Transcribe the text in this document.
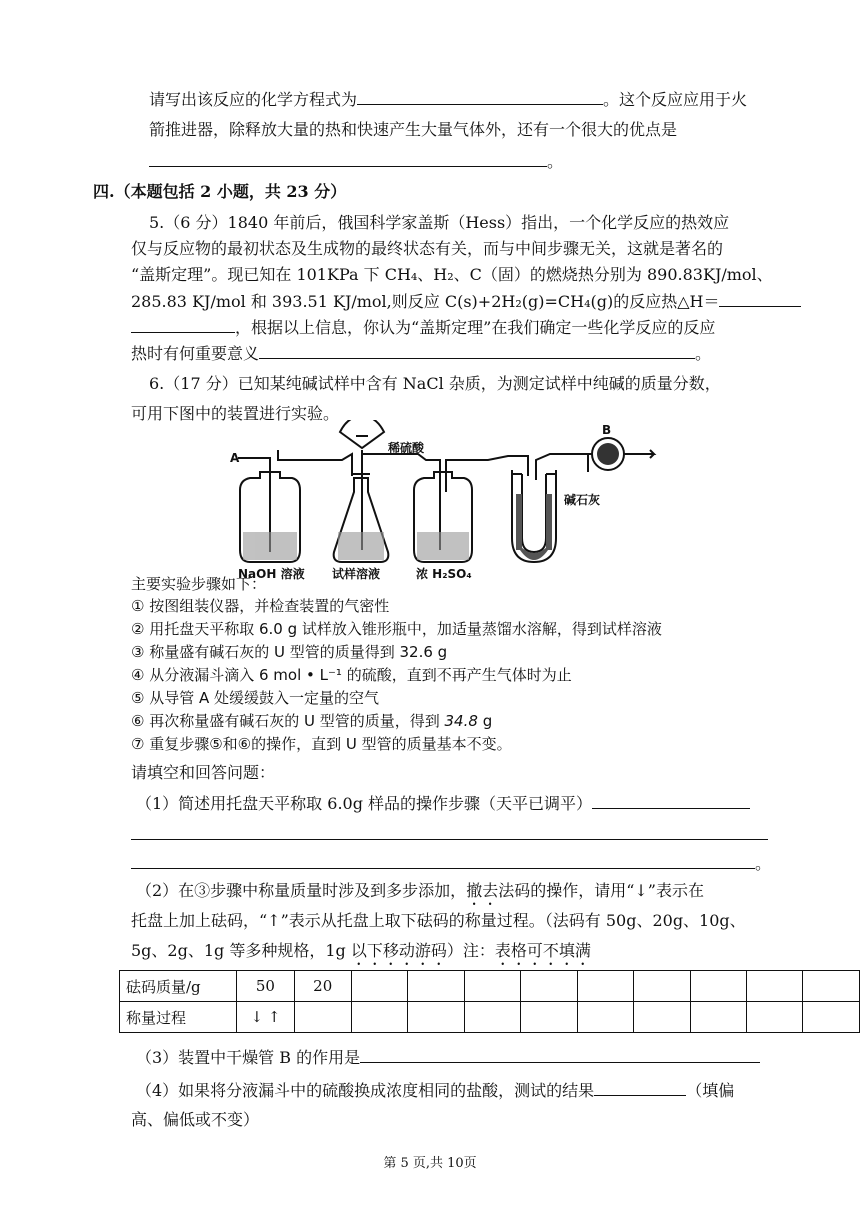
请写出该反应的化学方程式为	。这个反应应用于火
箭推进器，除释放大量的热和快速产生大量气体外，还有一个很大的优点是
。
四.（本题包括 2 小题，共 23 分）
5.（6 分）1840 年前后，俄国科学家盖斯（Hess）指出，一个化学反应的热效应
仅与反应物的最初状态及生成物的最终状态有关，而与中间步骤无关，这就是著名的
“盖斯定理”。现已知在 101KPa 下 CH₄、H₂、C（固）的燃烧热分别为 890.83KJ/mol、
285.83 KJ/mol 和 393.51 KJ/mol,则反应 C(s)+2H₂(g)=CH₄(g)的反应热△H＝
，根据以上信息，你认为“盖斯定理”在我们确定一些化学反应的反应
热时有何重要意义	。
6.（17 分）已知某纯碱试样中含有 NaCl 杂质，为测定试样中纯碱的质量分数，
可用下图中的装置进行实验。
稀硫酸
A
B
碱石灰
NaOH 溶液 试样溶液	浓 H₂SO₄
主要实验步骤如下：
① 按图组装仪器，并检查装置的气密性
② 用托盘天平称取 6.0 g 试样放入锥形瓶中，加适量蒸馏水溶解，得到试样溶液
③ 称量盛有碱石灰的 U 型管的质量得到 32.6 g
④ 从分液漏斗滴入 6 mol • L⁻¹ 的硫酸，直到不再产生气体时为止
⑤ 从导管 A 处缓缓鼓入一定量的空气
⑥ 再次称量盛有碱石灰的 U 型管的质量，得到 34.8 g
⑦ 重复步骤⑤和⑥的操作，直到 U 型管的质量基本不变。
请填空和回答问题：
（1）简述用托盘天平称取 6.0g 样品的操作步骤（天平已调平）
。
（2）在③步骤中称量质量时涉及到多步添加，撤去法码的操作，请用“↓”表示在
托盘上加上砝码，“↑”表示从托盘上取下砝码的称量过程。（法码有 50g、20g、10g、
5g、2g、1g 等多种规格，1g 以下移动游码）注：表格可不填满
砝码质量/g	50	20									
称量过程	↓ ↑										
（3）装置中干燥管 B 的作用是
（4）如果将分液漏斗中的硫酸换成浓度相同的盐酸，测试的结果	（填偏
高、偏低或不变）
第 5 页,共 10页
